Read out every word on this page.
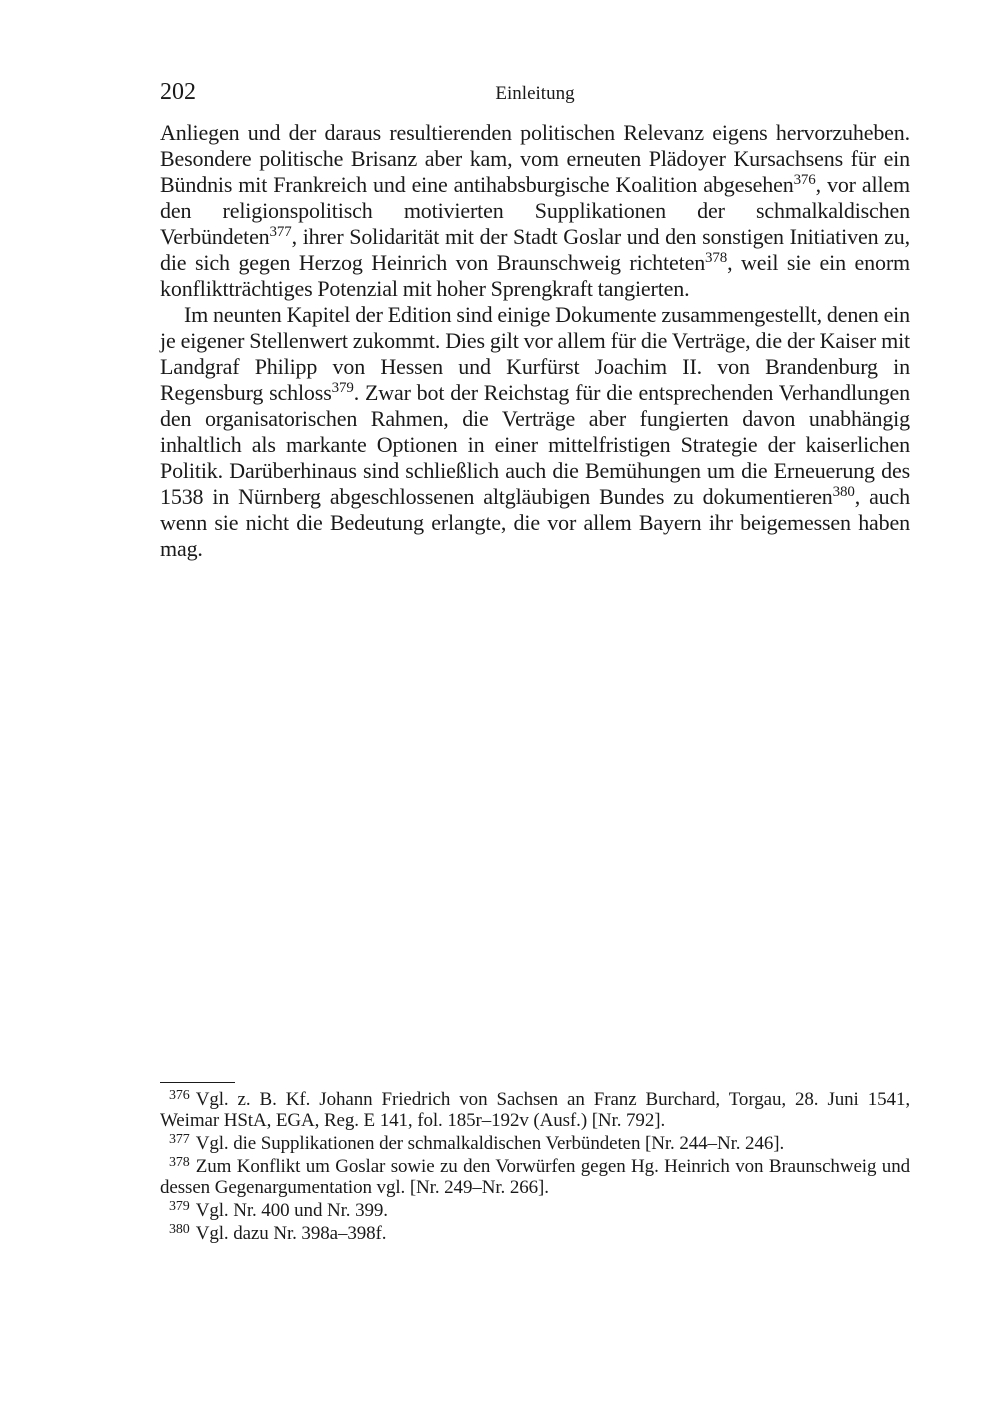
202	Einleitung

Anliegen und der daraus resultierenden politischen Relevanz eigens hervorzuheben. Besondere politische Brisanz aber kam, vom erneuten Plädoyer Kursachsens für ein Bündnis mit Frankreich und eine antihabsburgische Koalition abgesehen$^{376}$, vor allem den religionspolitisch motivierten Supplikationen der schmalkaldischen Verbündeten$^{377}$, ihrer Solidarität mit der Stadt Goslar und den sonstigen Initiativen zu, die sich gegen Herzog Heinrich von Braunschweig richteten$^{378}$, weil sie ein enorm konfliktträchtiges Potenzial mit hoher Sprengkraft tangierten.

Im neunten Kapitel der Edition sind einige Dokumente zusammengestellt, denen ein je eigener Stellenwert zukommt. Dies gilt vor allem für die Verträge, die der Kaiser mit Landgraf Philipp von Hessen und Kurfürst Joachim II. von Brandenburg in Regensburg schloss$^{379}$. Zwar bot der Reichstag für die entsprechenden Verhandlungen den organisatorischen Rahmen, die Verträge aber fungierten davon unabhängig inhaltlich als markante Optionen in einer mittelfristigen Strategie der kaiserlichen Politik. Darüberhinaus sind schließlich auch die Bemühungen um die Erneuerung des 1538 in Nürnberg abgeschlossenen altgläubigen Bundes zu dokumentieren$^{380}$, auch wenn sie nicht die Bedeutung erlangte, die vor allem Bayern ihr beigemessen haben mag.

$^{376}$ Vgl. z. B. Kf. Johann Friedrich von Sachsen an Franz Burchard, Torgau, 28. Juni 1541, Weimar HStA, EGA, Reg. E 141, fol. 185r–192v (Ausf.) [Nr. 792].

$^{377}$ Vgl. die Supplikationen der schmalkaldischen Verbündeten [Nr. 244–Nr. 246].

$^{378}$ Zum Konflikt um Goslar sowie zu den Vorwürfen gegen Hg. Heinrich von Braunschweig und dessen Gegenargumentation vgl. [Nr. 249–Nr. 266].

$^{379}$ Vgl. Nr. 400 und Nr. 399.

$^{380}$ Vgl. dazu Nr. 398a–398f.
